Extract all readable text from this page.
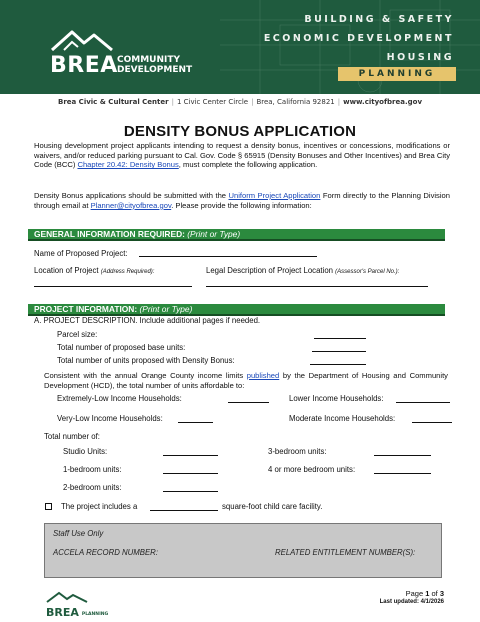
BREA COMMUNITY DEVELOPMENT
BUILDING & SAFETY
ECONOMIC DEVELOPMENT
HOUSING
PLANNING
Brea Civic & Cultural Center | 1 Civic Center Circle | Brea, California 92821 | www.cityofbrea.gov
DENSITY BONUS APPLICATION
Housing development project applicants intending to request a density bonus, incentives or concessions, modifications or waivers, and/or reduced parking pursuant to Cal. Gov. Code § 65915 (Density Bonuses and Other Incentives) and Brea City Code (BCC) Chapter 20.42: Density Bonus, must complete the following application.
Density Bonus applications should be submitted with the Uniform Project Application Form directly to the Planning Division through email at Planner@cityofbrea.gov. Please provide the following information:
GENERAL INFORMATION REQUIRED: (Print or Type)
Name of Proposed Project:
Location of Project (Address Required):	Legal Description of Project Location (Assessor's Parcel No.):
PROJECT INFORMATION: (Print or Type)
A. PROJECT DESCRIPTION. Include additional pages if needed.
Parcel size:
Total number of proposed base units:
Total number of units proposed with Density Bonus:
Consistent with the annual Orange County income limits published by the Department of Housing and Community Development (HCD), the total number of units affordable to:
Extremely-Low Income Households:	Lower Income Households:
Very-Low Income Households:	Moderate Income Households:
Total number of:
Studio Units:	3-bedroom units:
1-bedroom units:	4 or more bedroom units:
2-bedroom units:
The project includes a	square-foot child care facility.
Staff Use Only
ACCELA RECORD NUMBER:	RELATED ENTITLEMENT NUMBER(S):
BREA PLANNING
Page 1 of 3
Last updated: 4/1/2026
